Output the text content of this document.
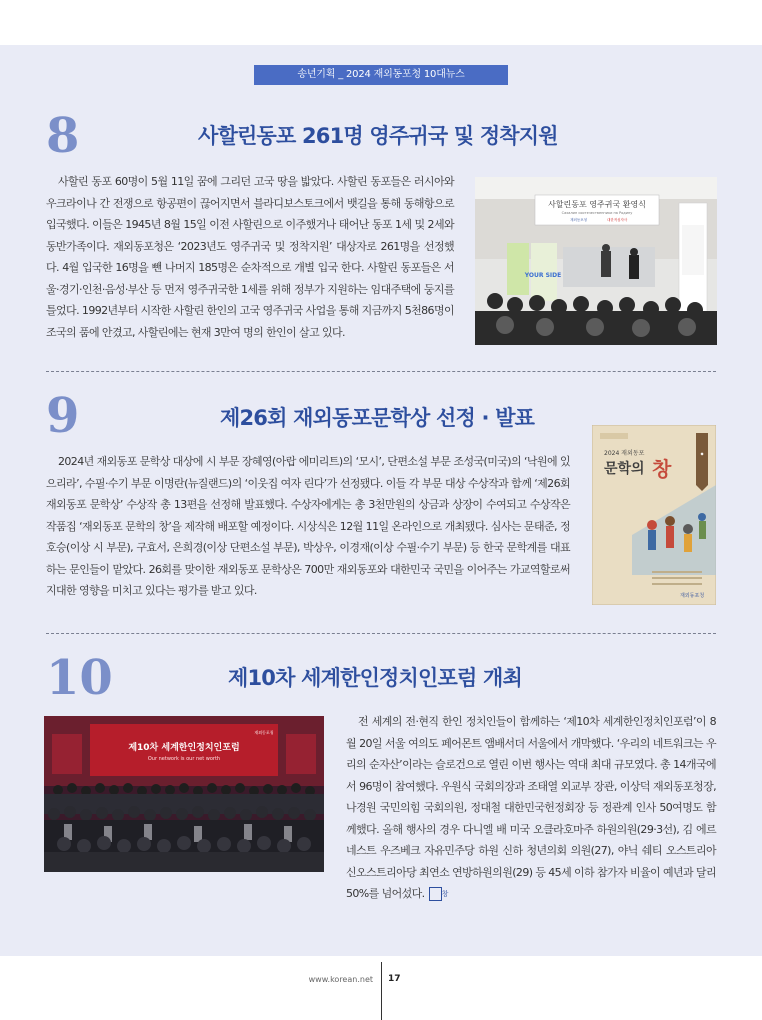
송년기획 _ 2024 재외동포청 10대뉴스
8	사할린동포 261명 영주귀국 및 정착지원

사할린 동포 60명이 5월 11일 꿈에 그리던 고국 땅을 밟았다. 사할린 동포들은 러시아와 우크라이나 간 전쟁으로 항공편이 끊어지면서 블라디보스토크에서 뱃길을 통해 동해항으로 입국했다. 이들은 1945년 8월 15일 이전 사할린으로 이주했거나 태어난 동포 1세 및 2세와 동반가족이다. 재외동포청은 ‘2023년도 영주귀국 및 정착지원’ 대상자로 261명을 선정했다. 4월 입국한 16명을 뺀 나머지 185명은 순차적으로 개별 입국 한다. 사할린 동포들은 서울·경기·인천·음성·부산 등 먼저 영주귀국한 1세를 위해 정부가 지원하는 임대주택에 둥지를 틀었다. 1992년부터 시작한 사할린 한인의 고국 영주귀국 사업을 통해 지금까지 5천86명이 조국의 품에 안겼고, 사할린에는 현재 3만여 명의 한인이 살고 있다.

사할린동포 영주귀국 환영식
Сахалин соотечественники на Родину
재외동포청	대한적십자사
YOUR SIDE
9	제26회 재외동포문학상 선정 · 발표

2024년 재외동포 문학상 대상에 시 부문 장혜영(아랍 에미리트)의 ‘모시’, 단편소설 부문 조성국(미국)의 ‘낙원에 있으리라’, 수필·수기 부문 이명란(뉴질랜드)의 ‘이웃집 여자 린다’가 선정됐다. 이들 각 부문 대상 수상작과 함께 ‘제26회 재외동포 문학상’ 수상작 총 13편을 선정해 발표했다. 수상자에게는 총 3천만원의 상금과 상장이 수여되고 수상작은 작품집 ‘재외동포 문학의 창’을 제작해 배포할 예정이다. 시상식은 12월 11일 온라인으로 개최됐다. 심사는 문태준, 정호승(이상 시 부문), 구효서, 은희경(이상 단편소설 부문), 박상우, 이경재(이상 수필·수기 부문) 등 한국 문학계를 대표하는 문인들이 맡았다. 26회를 맞이한 재외동포 문학상은 700만 재외동포와 대한민국 국민을 이어주는 가교역할로써 지대한 영향을 미치고 있다는 평가를 받고 있다.

2024 재외동포
문학의 창
◆
재외동포청
10	제10차 세계한인정치인포럼 개최
제10차 세계한인정치인포럼
Our network is our net worth
재외동포청

전 세계의 전·현직 한인 정치인들이 함께하는 ‘제10차 세계한인정치인포럼’이 8월 20일 서울 여의도 페어몬트 앰배서더 서울에서 개막했다. ‘우리의 네트워크는 우리의 순자산’이라는 슬로건으로 열린 이번 행사는 역대 최대 규모였다. 총 14개국에서 96명이 참여했다. 우원식 국회의장과 조태열 외교부 장관, 이상덕 재외동포청장, 나경원 국민의힘 국회의원, 정대철 대한민국헌정회장 등 정관계 인사 50여명도 함께했다. 올해 행사의 경우 다니엘 배 미국 오클라호마주 하원의원(29·3선), 김 에르네스트 우즈베크 자유민주당 하원 신하 청년의회 의원(27), 야닉 쉐티 오스트리아 신오스트리아당 최연소 연방하원의원(29) 등 45세 이하 참가자 비율이 예년과 달리 50%를 넘어섰다. 창

www.korean.net 17
